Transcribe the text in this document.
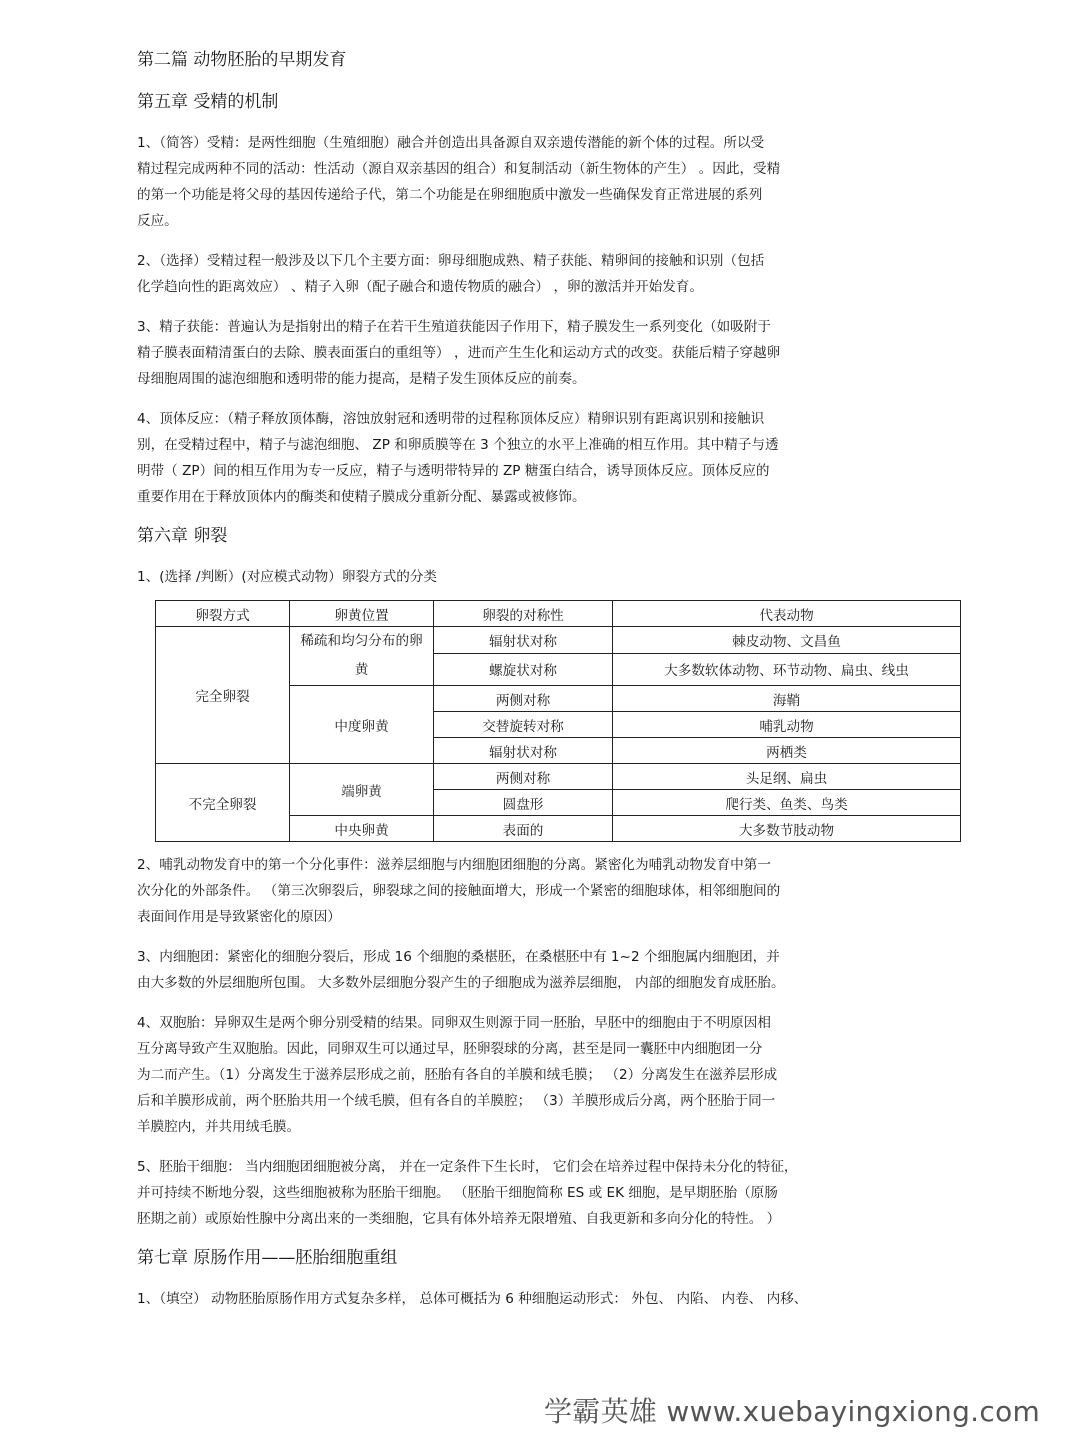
第二篇 动物胚胎的早期发育
第五章 受精的机制
1、（简答）受精：是两性细胞（生殖细胞）融合并创造出具备源自双亲遗传潜能的新个体的过程。所以受
精过程完成两种不同的活动：性活动（源自双亲基因的组合）和复制活动（新生物体的产生） 。因此，受精
的第一个功能是将父母的基因传递给子代，第二个功能是在卵细胞质中激发一些确保发育正常进展的系列
反应。
2、（选择）受精过程一般涉及以下几个主要方面：卵母细胞成熟、精子获能、精卵间的接触和识别（包括
化学趋向性的距离效应） 、精子入卵（配子融合和遗传物质的融合） ，卵的激活并开始发育。
3、精子获能：普遍认为是指射出的精子在若干生殖道获能因子作用下，精子膜发生一系列变化（如吸附于
精子膜表面精清蛋白的去除、膜表面蛋白的重组等） ，进而产生生化和运动方式的改变。获能后精子穿越卵
母细胞周围的滤泡细胞和透明带的能力提高，是精子发生顶体反应的前奏。
4、顶体反应：（精子释放顶体酶，溶蚀放射冠和透明带的过程称顶体反应）精卵识别有距离识别和接触识
别，在受精过程中，精子与滤泡细胞、 ZP 和卵质膜等在 3 个独立的水平上准确的相互作用。其中精子与透
明带（ ZP）间的相互作用为专一反应，精子与透明带特异的 ZP 糖蛋白结合，诱导顶体反应。顶体反应的
重要作用在于释放顶体内的酶类和使精子膜成分重新分配、暴露或被修饰。
第六章 卵裂
1、(选择 /判断）(对应模式动物）卵裂方式的分类
卵裂方式	卵黄位置	卵裂的对称性	代表动物
完全卵裂	稀疏和均匀分布的卵黄	辐射状对称	棘皮动物、文昌鱼
		螺旋状对称	大多数软体动物、环节动物、扁虫、线虫
	中度卵黄	两侧对称	海鞘
		交替旋转对称	哺乳动物
		辐射状对称	两栖类
不完全卵裂	端卵黄	两侧对称	头足纲、扁虫
		圆盘形	爬行类、鱼类、鸟类
	中央卵黄	表面的	大多数节肢动物
2、哺乳动物发育中的第一个分化事件：滋养层细胞与内细胞团细胞的分离。紧密化为哺乳动物发育中第一
次分化的外部条件。 （第三次卵裂后，卵裂球之间的接触面增大，形成一个紧密的细胞球体，相邻细胞间的
表面间作用是导致紧密化的原因）
3、内细胞团：紧密化的细胞分裂后，形成 16 个细胞的桑椹胚，在桑椹胚中有 1~2 个细胞属内细胞团，并
由大多数的外层细胞所包围。 大多数外层细胞分裂产生的子细胞成为滋养层细胞， 内部的细胞发育成胚胎。
4、双胞胎：异卵双生是两个卵分别受精的结果。同卵双生则源于同一胚胎，早胚中的细胞由于不明原因相
互分离导致产生双胞胎。因此，同卵双生可以通过早，胚卵裂球的分离，甚至是同一囊胚中内细胞团一分
为二而产生。（1）分离发生于滋养层形成之前，胚胎有各自的羊膜和绒毛膜； （2）分离发生在滋养层形成
后和羊膜形成前，两个胚胎共用一个绒毛膜，但有各自的羊膜腔； （3）羊膜形成后分离，两个胚胎于同一
羊膜腔内，并共用绒毛膜。
5、胚胎干细胞： 当内细胞团细胞被分离， 并在一定条件下生长时， 它们会在培养过程中保持未分化的特征，
并可持续不断地分裂，这些细胞被称为胚胎干细胞。 （胚胎干细胞简称 ES 或 EK 细胞，是早期胚胎（原肠
胚期之前）或原始性腺中分离出来的一类细胞，它具有体外培养无限增殖、自我更新和多向分化的特性。 ）
第七章 原肠作用——胚胎细胞重组
1、（填空） 动物胚胎原肠作用方式复杂多样， 总体可概括为 6 种细胞运动形式： 外包、 内陷、 内卷、 内移、
学霸英雄 www.xuebayingxiong.com
